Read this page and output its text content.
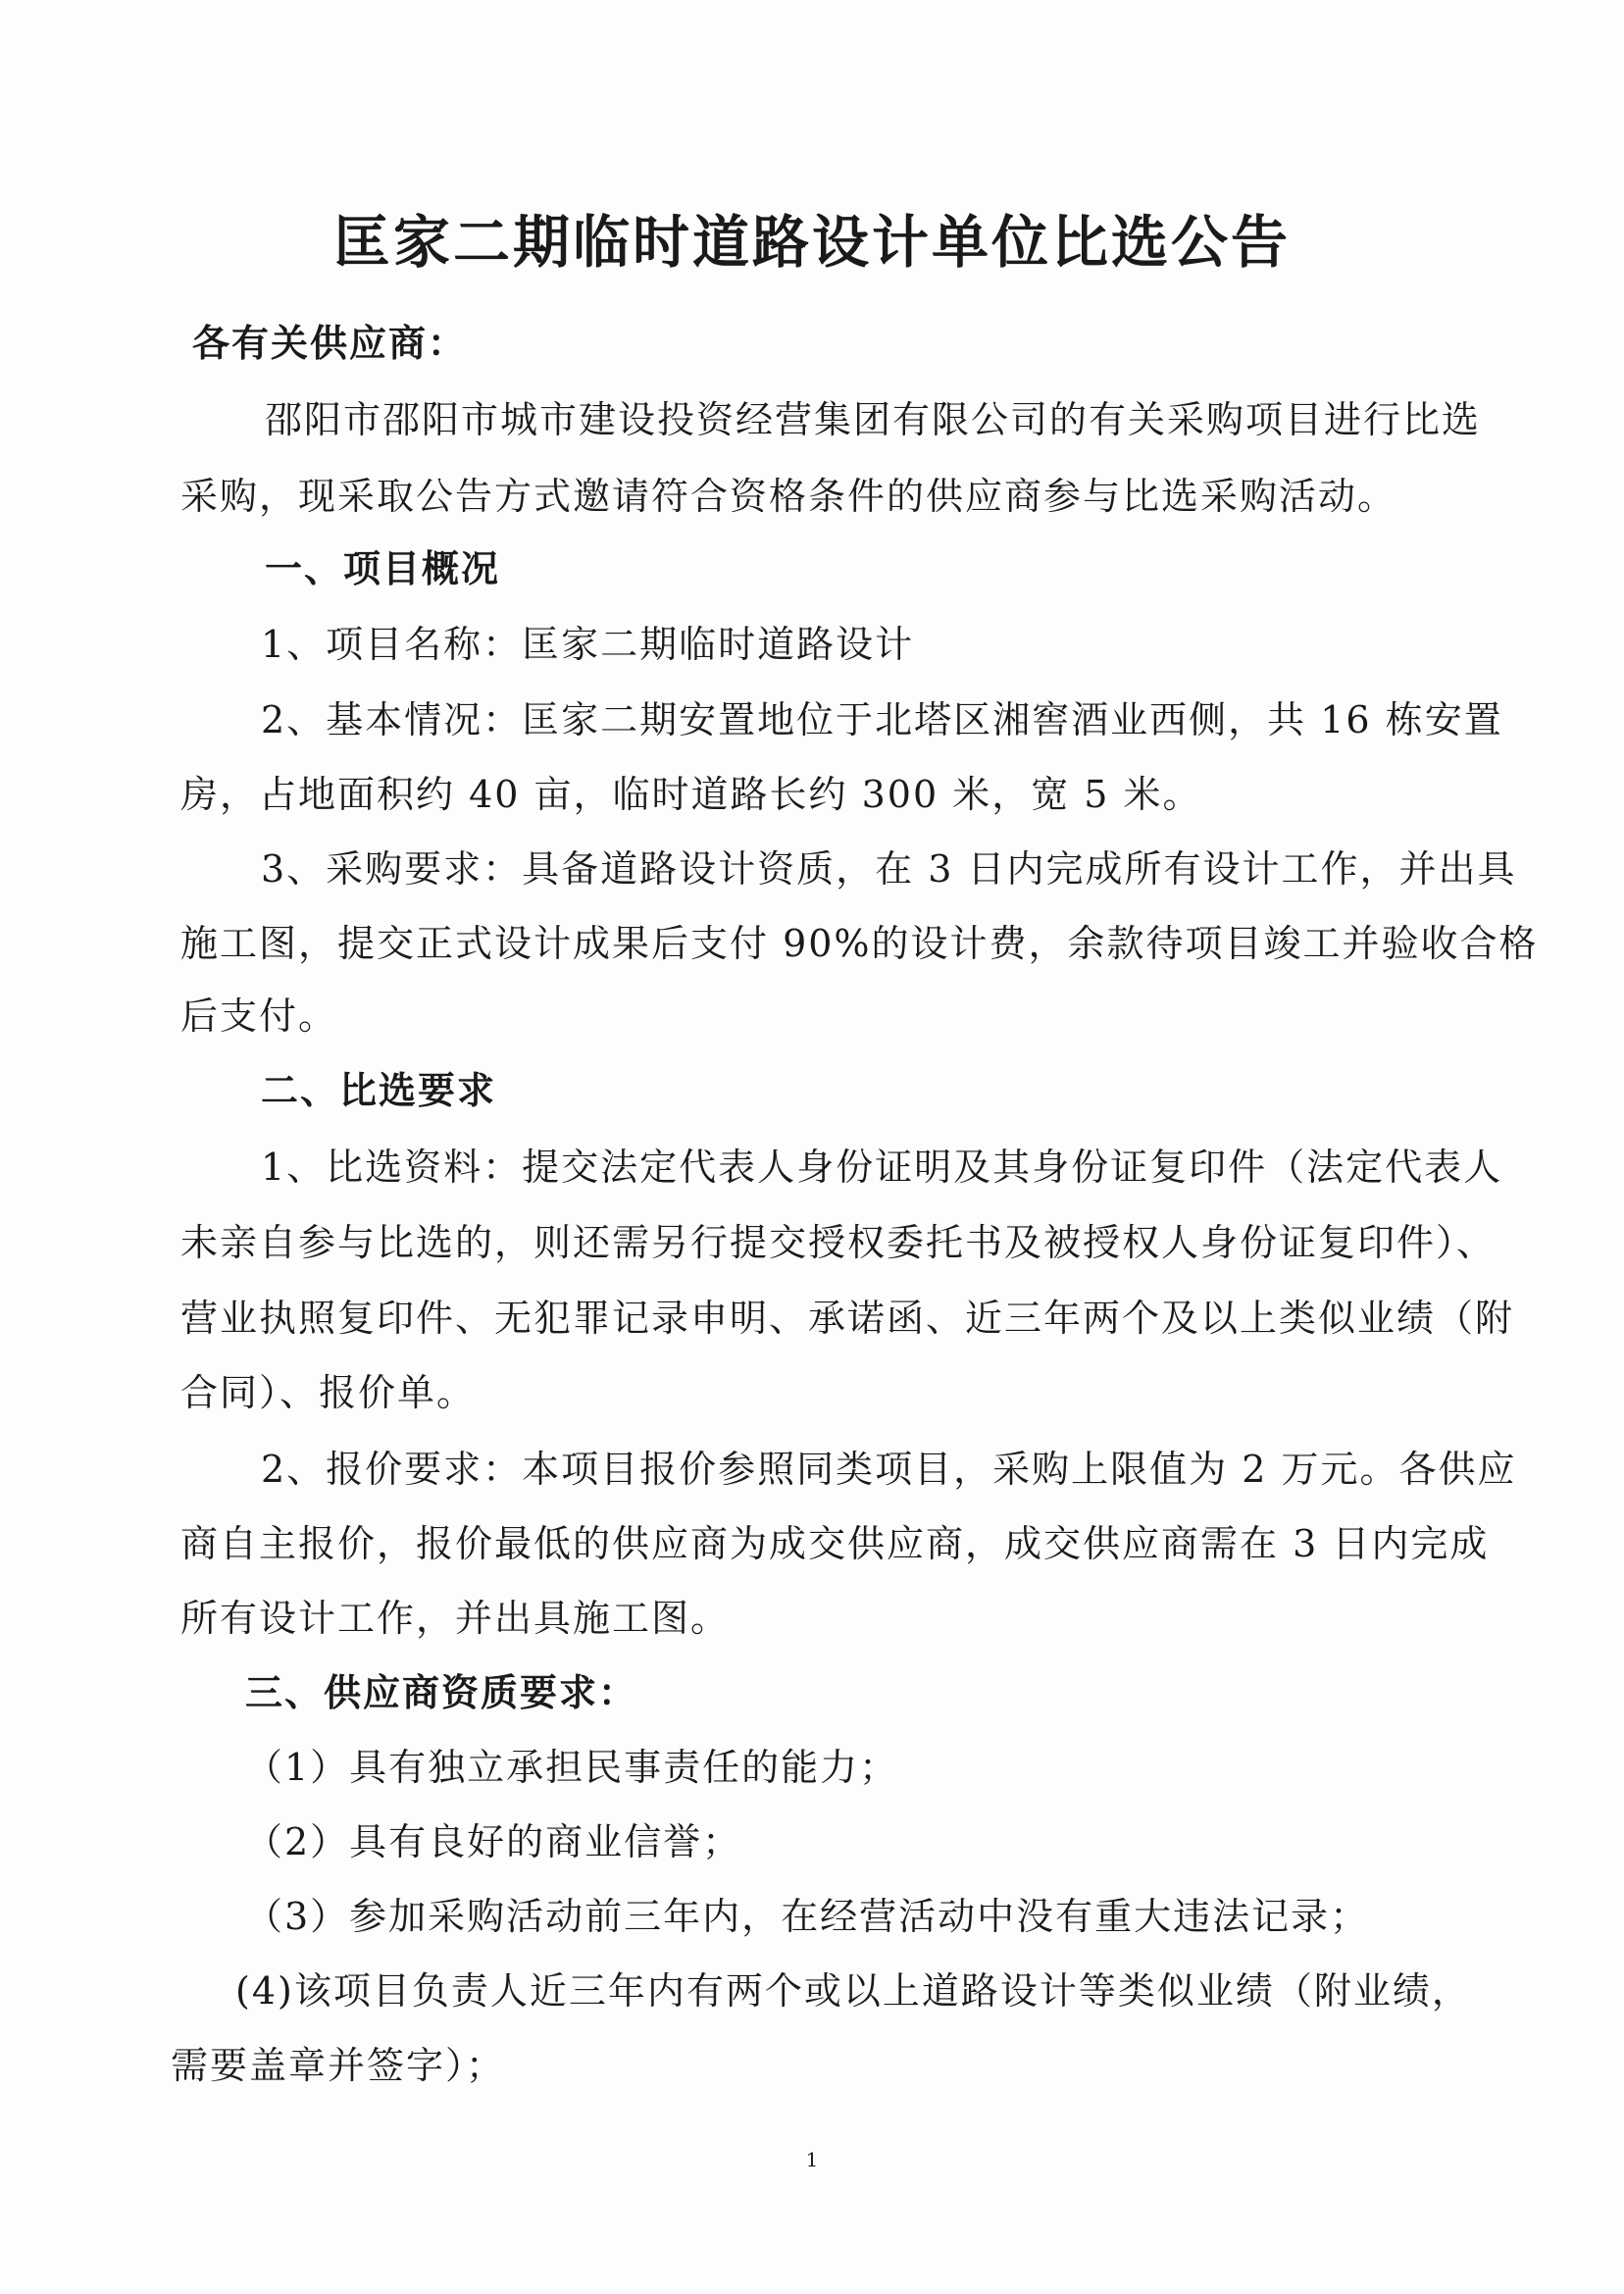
匡家二期临时道路设计单位比选公告

各有关供应商：

邵阳市邵阳市城市建设投资经营集团有限公司的有关采购项目进行比选

采购，现采取公告方式邀请符合资格条件的供应商参与比选采购活动。

一、项目概况

1、项目名称：匡家二期临时道路设计

2、基本情况：匡家二期安置地位于北塔区湘窖酒业西侧，共 16 栋安置

房，占地面积约 40 亩，临时道路长约 300 米，宽 5 米。

3、采购要求：具备道路设计资质，在 3 日内完成所有设计工作，并出具

施工图，提交正式设计成果后支付 90%的设计费，余款待项目竣工并验收合格

后支付。

二、比选要求

1、比选资料：提交法定代表人身份证明及其身份证复印件（法定代表人

未亲自参与比选的，则还需另行提交授权委托书及被授权人身份证复印件）、

营业执照复印件、无犯罪记录申明、承诺函、近三年两个及以上类似业绩（附

合同）、报价单。

2、报价要求：本项目报价参照同类项目，采购上限值为 2 万元。各供应

商自主报价，报价最低的供应商为成交供应商，成交供应商需在 3 日内完成

所有设计工作，并出具施工图。

三、供应商资质要求：

（1）具有独立承担民事责任的能力；

（2）具有良好的商业信誉；

（3）参加采购活动前三年内，在经营活动中没有重大违法记录；

(4)该项目负责人近三年内有两个或以上道路设计等类似业绩（附业绩，

需要盖章并签字）；

1
